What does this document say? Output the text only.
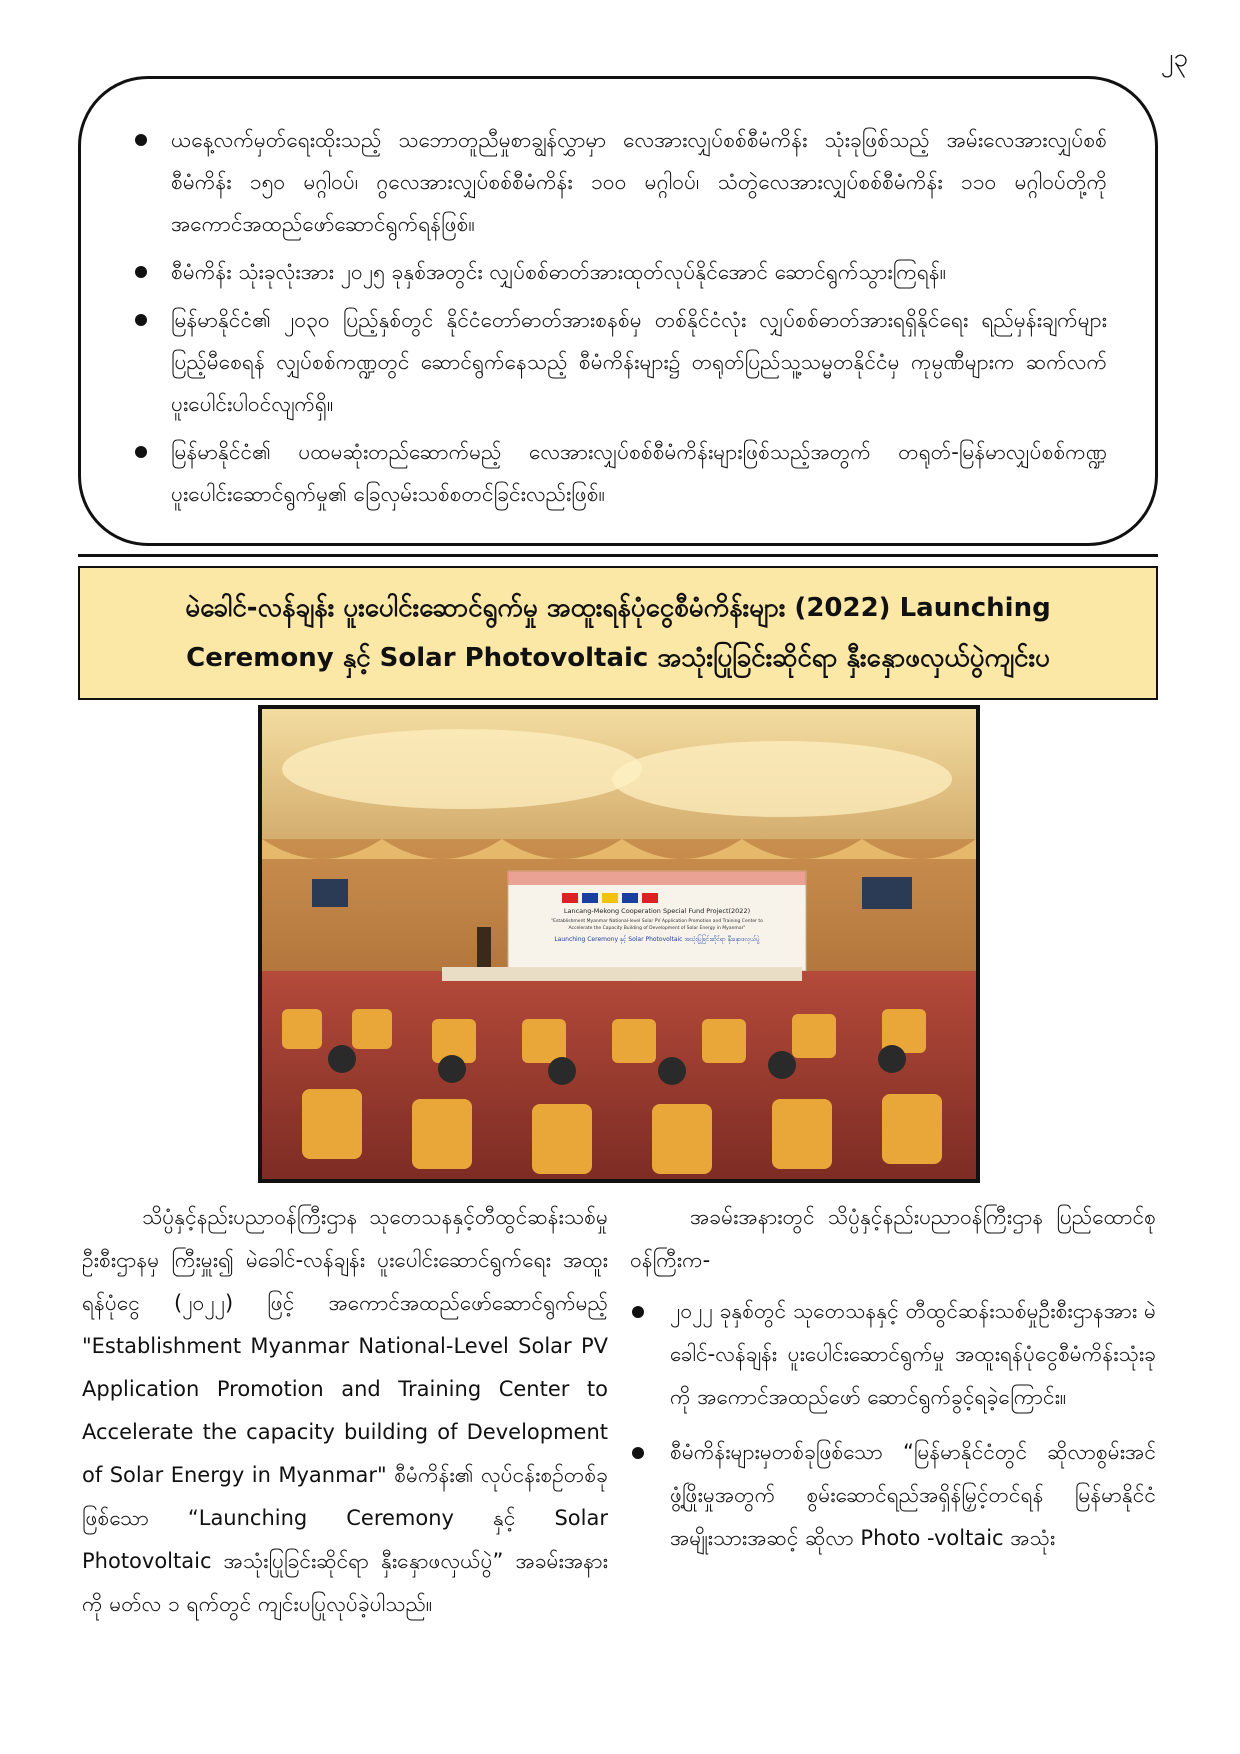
၂၃
ယနေ့လက်မှတ်ရေးထိုးသည့် သဘောတူညီမှုစာချွန်လွှာမှာ လေအားလျှပ်စစ်စီမံကိန်း သုံးခုဖြစ်သည့် အမ်းလေအားလျှပ်စစ်စီမံကိန်း ၁၅၀ မဂ္ဂါဝပ်၊ ဂွလေအားလျှပ်စစ်စီမံကိန်း ၁၀၀ မဂ္ဂါဝပ်၊ သံတွဲလေအားလျှပ်စစ်စီမံကိန်း ၁၁၀ မဂ္ဂါဝပ်တို့ကို အကောင်အထည်ဖော်ဆောင်ရွက်ရန်ဖြစ်။
စီမံကိန်း သုံးခုလုံးအား ၂၀၂၅ ခုနှစ်အတွင်း လျှပ်စစ်ဓာတ်အားထုတ်လုပ်နိုင်အောင် ဆောင်ရွက်သွားကြရန်။
မြန်မာနိုင်ငံ၏ ၂၀၃၀ ပြည့်နှစ်တွင် နိုင်ငံတော်ဓာတ်အားစနစ်မှ တစ်နိုင်ငံလုံး လျှပ်စစ်ဓာတ်အားရရှိနိုင်ရေး ရည်မှန်းချက်များ ပြည့်မီစေရန် လျှပ်စစ်ကဏ္ဍတွင် ဆောင်ရွက်နေသည့် စီမံကိန်းများ၌ တရုတ်ပြည်သူ့သမ္မတနိုင်ငံမှ ကုမ္ပဏီများက ဆက်လက်ပူးပေါင်းပါဝင်လျက်ရှိ။
မြန်မာနိုင်ငံ၏ ပထမဆုံးတည်ဆောက်မည့် လေအားလျှပ်စစ်စီမံကိန်းများဖြစ်သည့်အတွက် တရုတ်-မြန်မာလျှပ်စစ်ကဏ္ဍ ပူးပေါင်းဆောင်ရွက်မှု၏ ခြေလှမ်းသစ်စတင်ခြင်းလည်းဖြစ်။
မဲခေါင်-လန်ချန်း ပူးပေါင်းဆောင်ရွက်မှု အထူးရန်ပုံငွေစီမံကိန်းများ (2022) Launching Ceremony နှင့် Solar Photovoltaic အသုံးပြုခြင်းဆိုင်ရာ နှီးနှောဖလှယ်ပွဲကျင်းပ
Lancang-Mekong Cooperation Special Fund Project(2022)
"Establishment Myanmar National-level Solar PV Application Promotion and Training Center to
Accelerate the Capacity Building of Development of Solar Energy in Myanmar"
Launching Ceremony နှင့် Solar Photovoltaic အသုံးပြုခြင်းဆိုင်ရာ နှီးနှောဖလှယ်ပွဲ

သိပ္ပံနှင့်နည်းပညာဝန်ကြီးဌာန သုတေသနနှင့်တီထွင်ဆန်းသစ်မှုဦးစီးဌာနမှ ကြီးမှူး၍ မဲခေါင်-လန်ချန်း ပူးပေါင်းဆောင်ရွက်ရေး အထူးရန်ပုံငွေ (၂၀၂၂) ဖြင့် အကောင်အထည်ဖော်ဆောင်ရွက်မည့် "Establishment Myanmar National-Level Solar PV Application Promotion and Training Center to Accelerate the capacity building of Development of Solar Energy in Myanmar" စီမံကိန်း၏ လုပ်ငန်းစဉ်တစ်ခုဖြစ်သော “Launching Ceremony နှင့် Solar Photovoltaic အသုံးပြုခြင်းဆိုင်ရာ နှီးနှောဖလှယ်ပွဲ” အခမ်းအနားကို မတ်လ ၁ ရက်တွင် ကျင်းပပြုလုပ်ခဲ့ပါသည်။

အခမ်းအနားတွင် သိပ္ပံနှင့်နည်းပညာဝန်ကြီးဌာန ပြည်ထောင်စုဝန်ကြီးက-

၂၀၂၂ ခုနှစ်တွင် သုတေသနနှင့် တီထွင်ဆန်းသစ်မှုဦးစီးဌာနအား မဲခေါင်-လန်ချန်း ပူးပေါင်းဆောင်ရွက်မှု အထူးရန်ပုံငွေစီမံကိန်းသုံးခုကို အကောင်အထည်ဖော် ဆောင်ရွက်ခွင့်ရခဲ့ကြောင်း။
စီမံကိန်းများမှတစ်ခုဖြစ်သော “မြန်မာနိုင်ငံတွင် ဆိုလာစွမ်းအင်ဖွံ့ဖြိုးမှုအတွက် စွမ်းဆောင်ရည်အရှိန်မြှင့်တင်ရန် မြန်မာနိုင်ငံအမျိုးသားအဆင့် ဆိုလာ Photo -voltaic အသုံး
